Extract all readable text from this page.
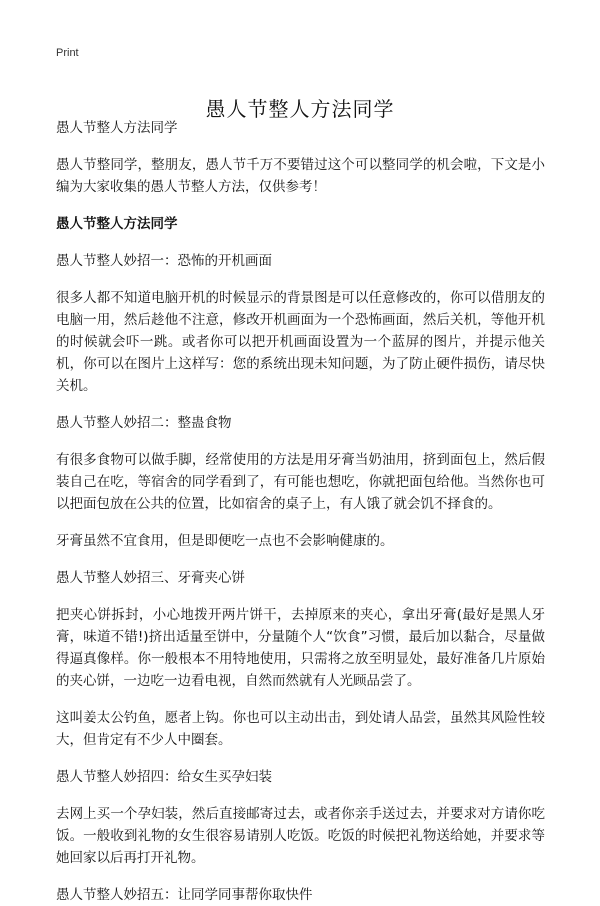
Print
愚人节整人方法同学

愚人节整人方法同学

愚人节整同学，整朋友，愚人节千万不要错过这个可以整同学的机会啦，下文是小编为大家收集的愚人节整人方法，仅供参考！

愚人节整人方法同学

愚人节整人妙招一：恐怖的开机画面

很多人都不知道电脑开机的时候显示的背景图是可以任意修改的，你可以借朋友的电脑一用，然后趁他不注意，修改开机画面为一个恐怖画面，然后关机，等他开机的时候就会吓一跳。或者你可以把开机画面设置为一个蓝屏的图片，并提示他关机，你可以在图片上这样写：您的系统出现未知问题，为了防止硬件损伤，请尽快关机。

愚人节整人妙招二：整蛊食物

有很多食物可以做手脚，经常使用的方法是用牙膏当奶油用，挤到面包上，然后假装自己在吃，等宿舍的同学看到了，有可能也想吃，你就把面包给他。当然你也可以把面包放在公共的位置，比如宿舍的桌子上，有人饿了就会饥不择食的。

牙膏虽然不宜食用，但是即便吃一点也不会影响健康的。

愚人节整人妙招三、牙膏夹心饼

把夹心饼拆封，小心地拨开两片饼干，去掉原来的夹心，拿出牙膏(最好是黑人牙膏，味道不错!)挤出适量至饼中，分量随个人“饮食”习惯，最后加以黏合，尽量做得逼真像样。你一般根本不用特地使用，只需将之放至明显处，最好准备几片原始的夹心饼，一边吃一边看电视，自然而然就有人光顾品尝了。

这叫姜太公钓鱼，愿者上钩。你也可以主动出击，到处请人品尝，虽然其风险性较大，但肯定有不少人中圈套。

愚人节整人妙招四：给女生买孕妇装

去网上买一个孕妇装，然后直接邮寄过去，或者你亲手送过去，并要求对方请你吃饭。一般收到礼物的女生很容易请别人吃饭。吃饭的时候把礼物送给她，并要求等她回家以后再打开礼物。

愚人节整人妙招五：让同学同事帮你取快件
